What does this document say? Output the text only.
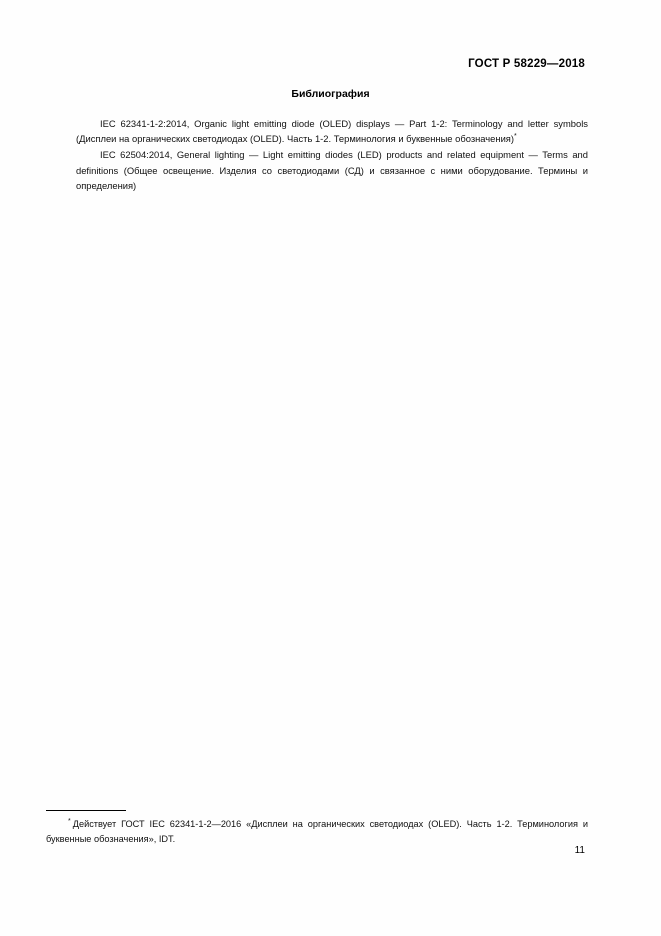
ГОСТ Р 58229—2018
Библиография

IEC 62341-1-2:2014, Organic light emitting diode (OLED) displays — Part 1-2: Terminology and letter symbols (Дисплеи на органических светодиодах (OLED). Часть 1-2. Терминология и буквенные обозначения)*

IEC 62504:2014, General lighting — Light emitting diodes (LED) products and related equipment — Terms and definitions (Общее освещение. Изделия со светодиодами (СД) и связанное с ними оборудование. Термины и определения)

* Действует ГОСТ IEC 62341-1-2—2016 «Дисплеи на органических светодиодах (OLED). Часть 1-2. Терминология и буквенные обозначения», IDT.
11
